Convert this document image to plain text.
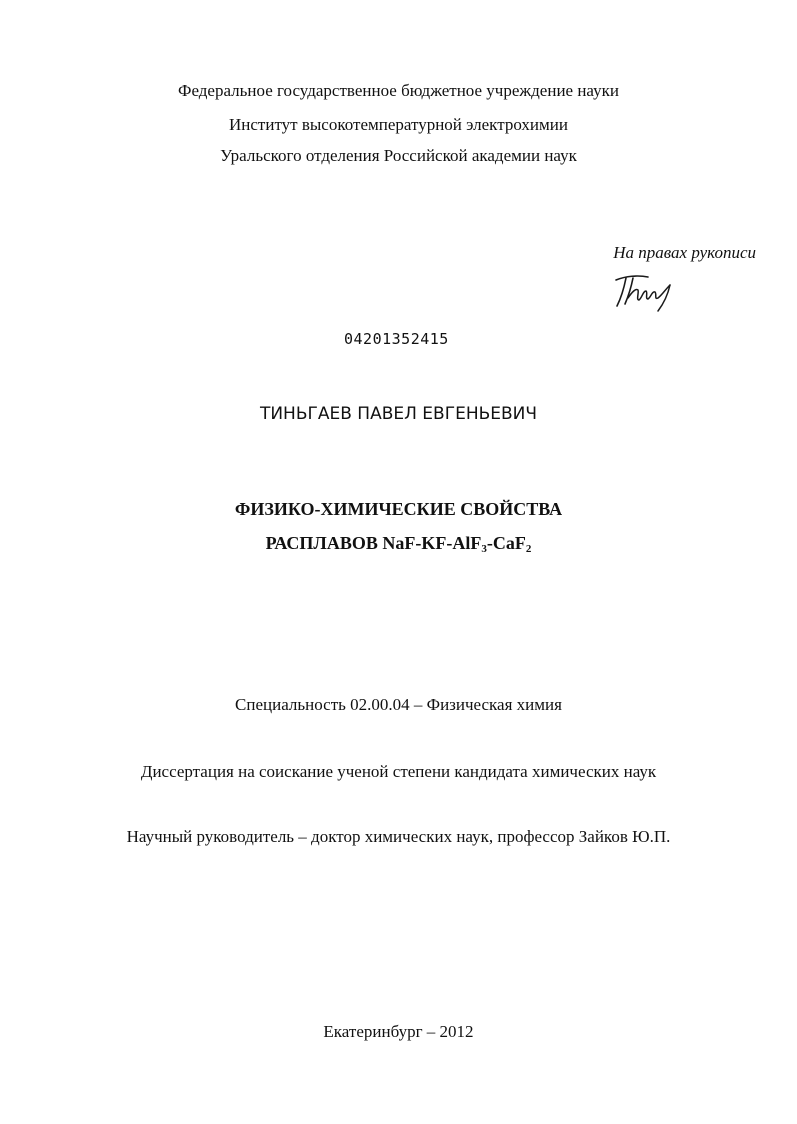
Федеральное государственное бюджетное учреждение науки
Институт высокотемпературной электрохимии
Уральского отделения Российской академии наук
На правах рукописи
04201352415
ТИНЬГАЕВ ПАВЕЛ ЕВГЕНЬЕВИЧ
ФИЗИКО-ХИМИЧЕСКИЕ СВОЙСТВА
РАСПЛАВОВ NaF-KF-AlF$_3$-CaF$_2$
Специальность 02.00.04 – Физическая химия
Диссертация на соискание ученой степени кандидата химических наук
Научный руководитель – доктор химических наук, профессор Зайков Ю.П.
Екатеринбург – 2012
